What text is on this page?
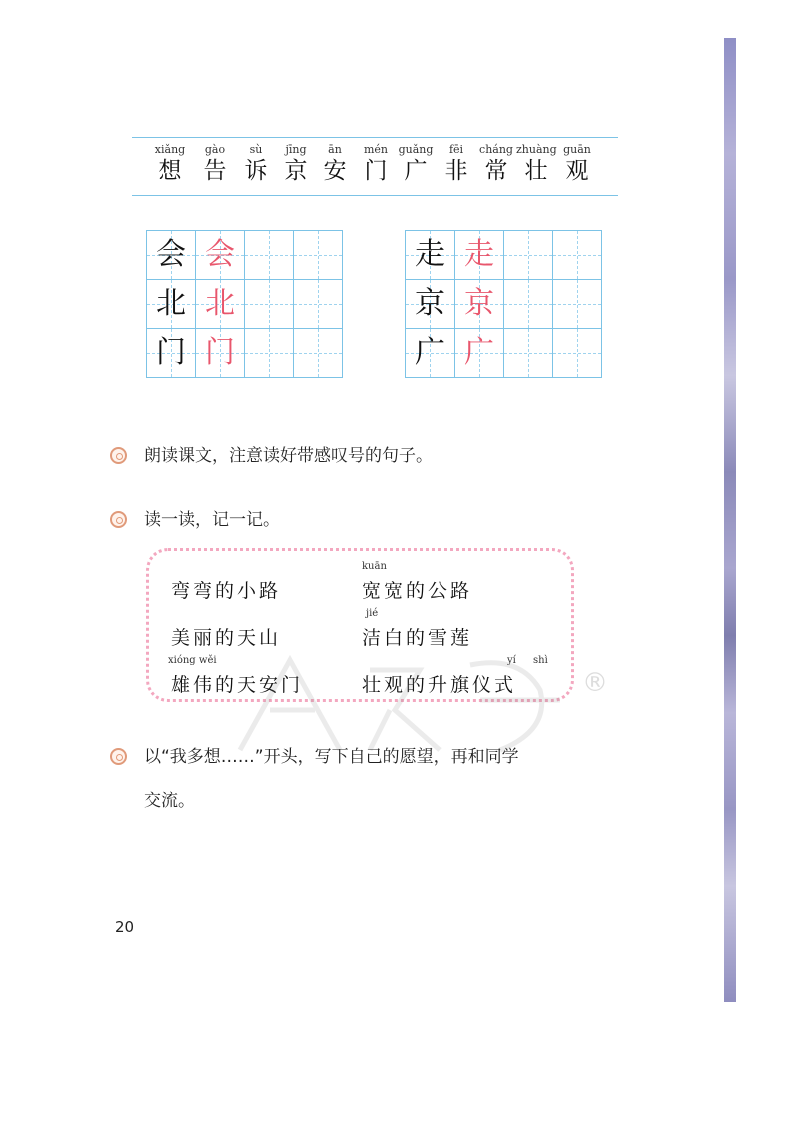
xiǎng
想
gào
告
sù
诉
jīng
京
ān
安
mén
门
guǎng
广
fēi
非
cháng
常
zhuàng
壮
guān
观
会 会
北 北
门 门
走 走
京 京
广 广
朗读课文，注意读好带感叹号的句子。
读一读，记一记。
弯弯的小路
kuān
宽宽的公路
美丽的天山
jié
洁白的雪莲
xióng wěi
雄伟的天安门
yí shì
壮观的升旗仪式	®
以“我多想……”开头，写下自己的愿望，再和同学
交流。
20
